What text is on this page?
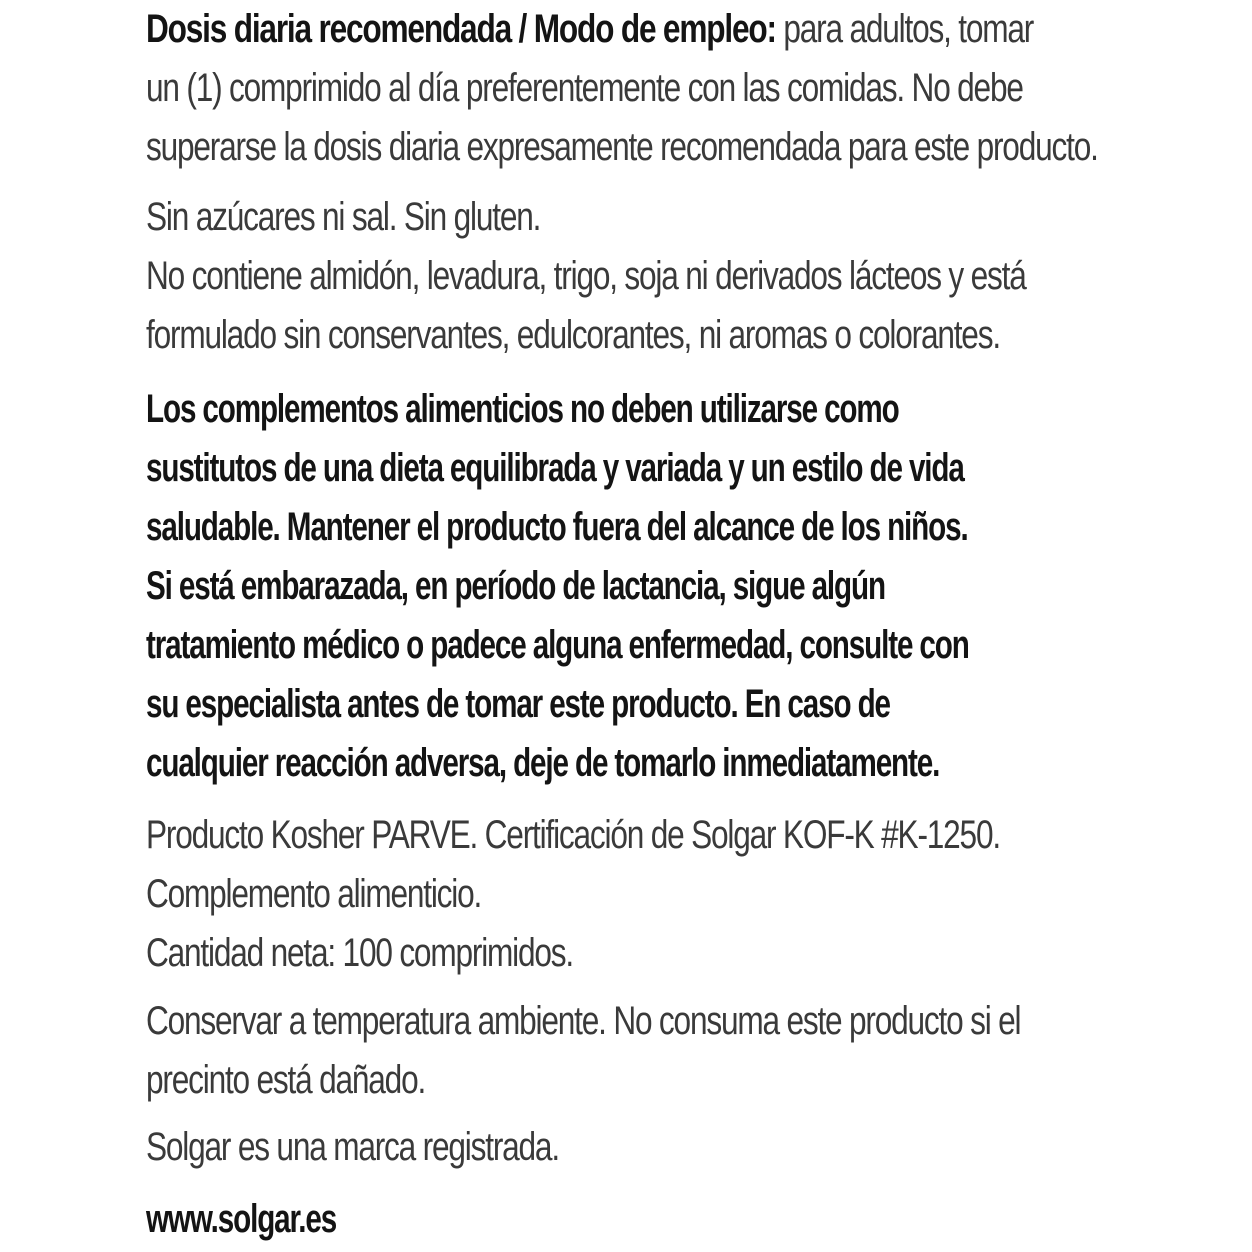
Dosis diaria recomendada / Modo de empleo: para adultos, tomar
un (1) comprimido al día preferentemente con las comidas. No debe
superarse la dosis diaria expresamente recomendada para este producto.

Sin azúcares ni sal. Sin gluten.
No contiene almidón, levadura, trigo, soja ni derivados lácteos y está
formulado sin conservantes, edulcorantes, ni aromas o colorantes.

Los complementos alimenticios no deben utilizarse como
sustitutos de una dieta equilibrada y variada y un estilo de vida
saludable. Mantener el producto fuera del alcance de los niños.
Si está embarazada, en período de lactancia, sigue algún
tratamiento médico o padece alguna enfermedad, consulte con
su especialista antes de tomar este producto. En caso de
cualquier reacción adversa, deje de tomarlo inmediatamente.

Producto Kosher PARVE. Certificación de Solgar KOF-K #K-1250.
Complemento alimenticio.
Cantidad neta: 100 comprimidos.

Conservar a temperatura ambiente. No consuma este producto si el
precinto está dañado.

Solgar es una marca registrada.

www.solgar.es
